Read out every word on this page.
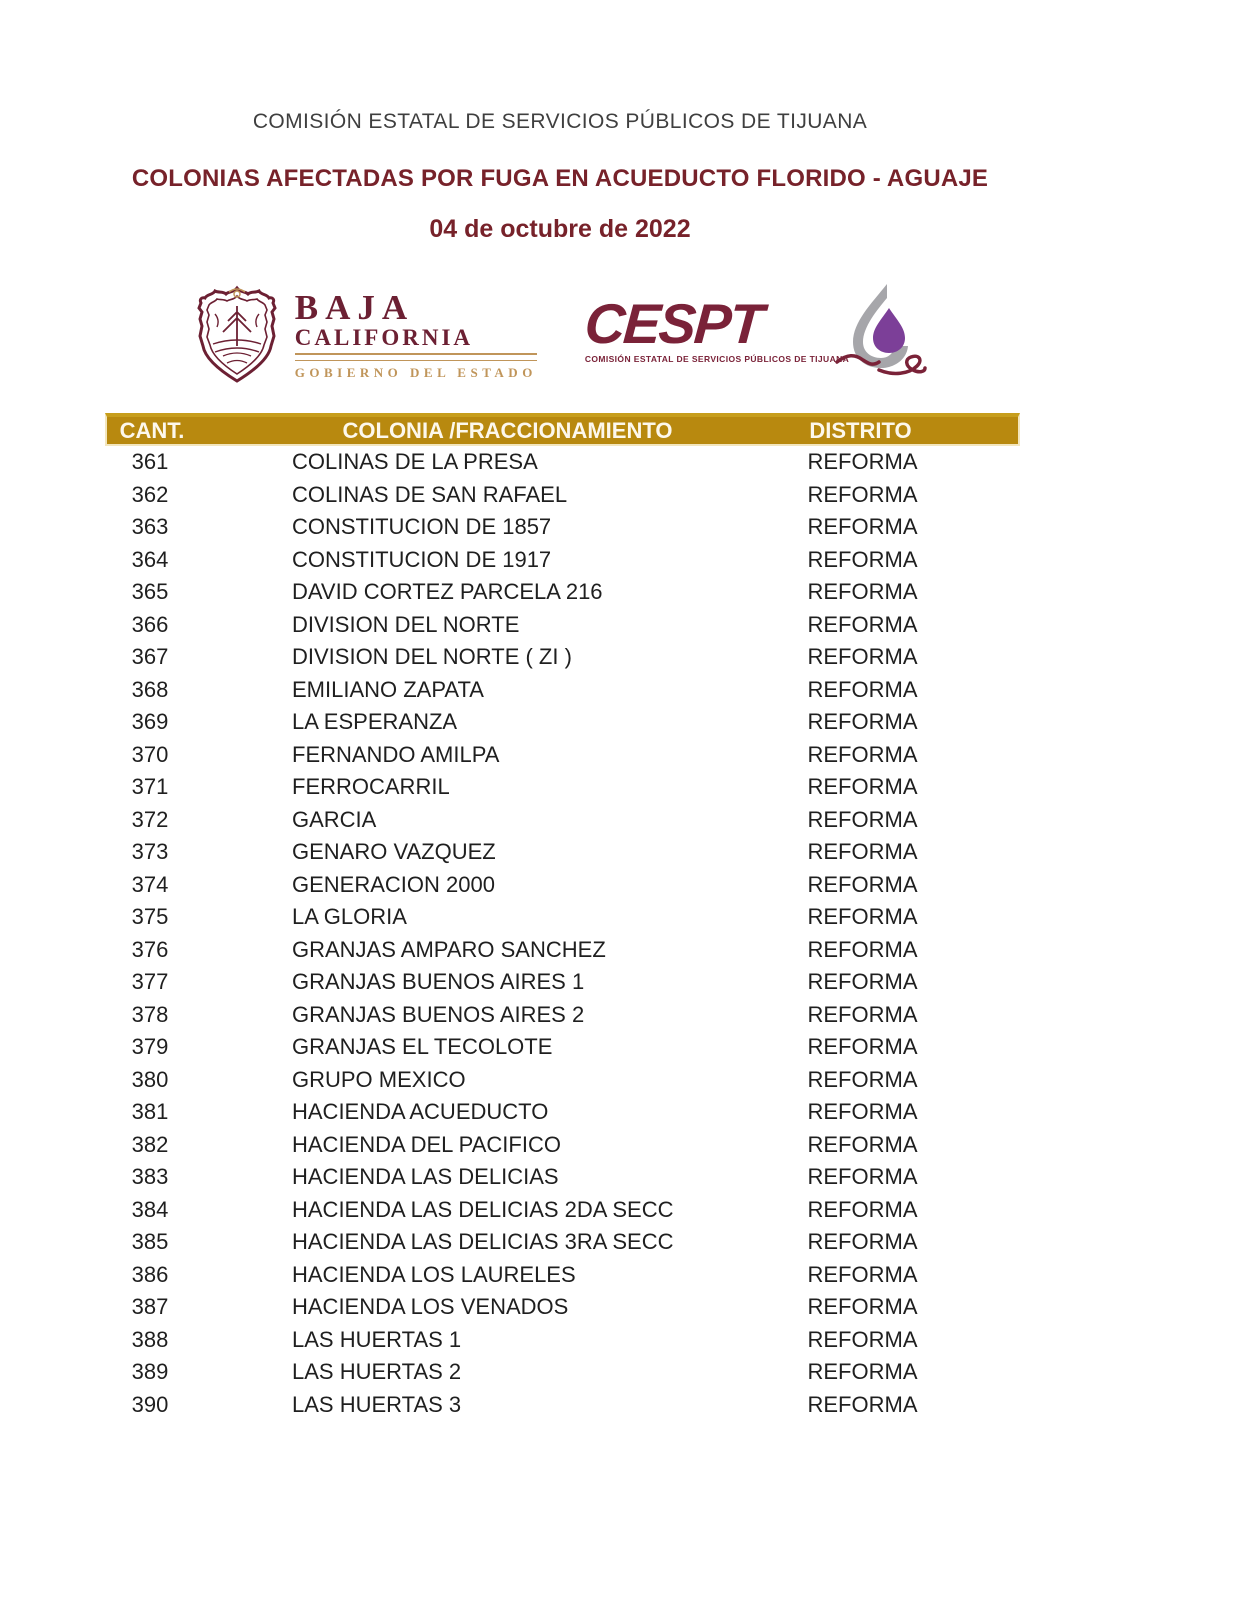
COMISIÓN ESTATAL DE SERVICIOS PÚBLICOS DE TIJUANA
COLONIAS AFECTADAS POR FUGA EN ACUEDUCTO FLORIDO - AGUAJE
04 de octubre de 2022
BAJA
CALIFORNIA
GOBIERNO DEL ESTADO
CESPT
COMISIÓN ESTATAL DE SERVICIOS PÚBLICOS DE TIJUANA
CANT.	COLONIA /FRACCIONAMIENTO	DISTRITO
361	COLINAS DE LA PRESA	REFORMA
362	COLINAS DE SAN RAFAEL	REFORMA
363	CONSTITUCION DE 1857	REFORMA
364	CONSTITUCION DE 1917	REFORMA
365	DAVID CORTEZ PARCELA 216	REFORMA
366	DIVISION DEL NORTE	REFORMA
367	DIVISION DEL NORTE ( ZI )	REFORMA
368	EMILIANO ZAPATA	REFORMA
369	LA ESPERANZA	REFORMA
370	FERNANDO AMILPA	REFORMA
371	FERROCARRIL	REFORMA
372	GARCIA	REFORMA
373	GENARO VAZQUEZ	REFORMA
374	GENERACION 2000	REFORMA
375	LA GLORIA	REFORMA
376	GRANJAS AMPARO SANCHEZ	REFORMA
377	GRANJAS BUENOS AIRES 1	REFORMA
378	GRANJAS BUENOS AIRES 2	REFORMA
379	GRANJAS EL TECOLOTE	REFORMA
380	GRUPO MEXICO	REFORMA
381	HACIENDA ACUEDUCTO	REFORMA
382	HACIENDA DEL PACIFICO	REFORMA
383	HACIENDA LAS DELICIAS	REFORMA
384	HACIENDA LAS DELICIAS 2DA SECC	REFORMA
385	HACIENDA LAS DELICIAS 3RA SECC	REFORMA
386	HACIENDA LOS LAURELES	REFORMA
387	HACIENDA LOS VENADOS	REFORMA
388	LAS HUERTAS 1	REFORMA
389	LAS HUERTAS 2	REFORMA
390	LAS HUERTAS 3	REFORMA
